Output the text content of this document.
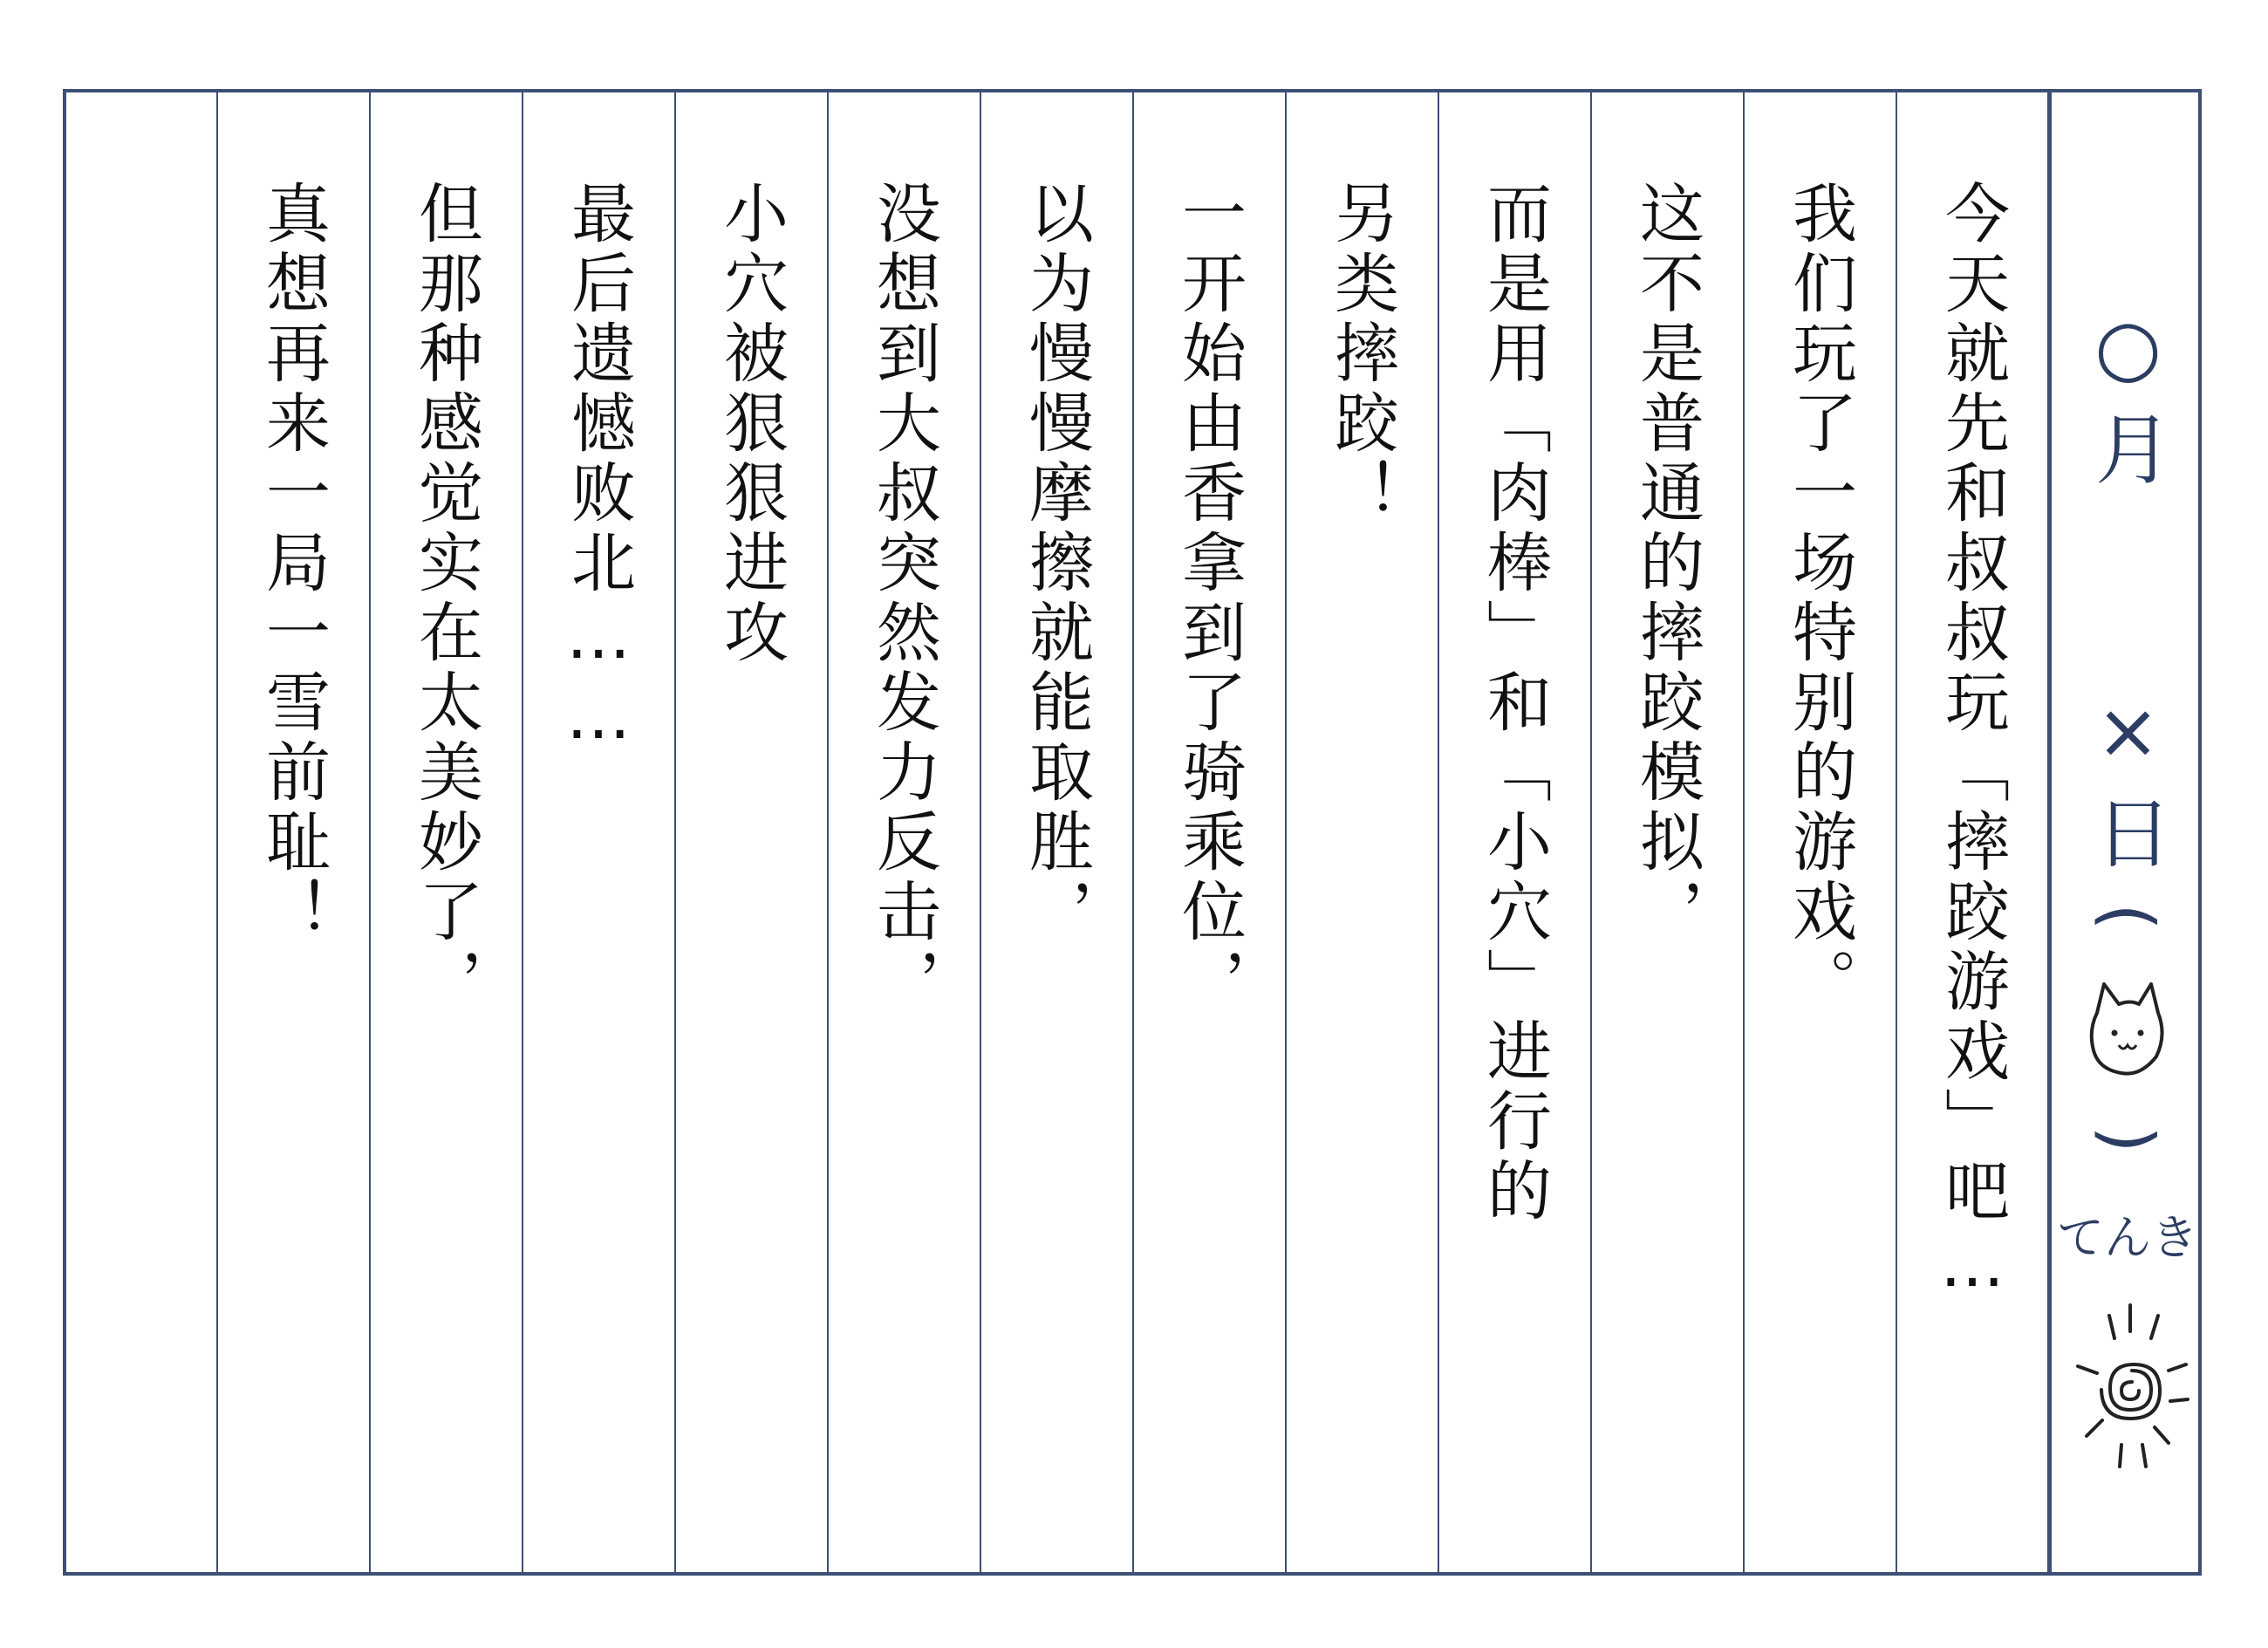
今天就先和叔叔玩「摔跤游戏」吧…
我们玩了一场特别的游戏。
这不是普通的摔跤模拟，
而是用「肉棒」和「小穴」进行的
另类摔跤！
一开始由香拿到了骑乘位，
以为慢慢摩擦就能取胜，
没想到大叔突然发力反击，
小穴被狠狠进攻
最后遗憾败北……
但那种感觉实在太美妙了，
真想再来一局一雪前耻！	○月
×日
(
)
てんき
